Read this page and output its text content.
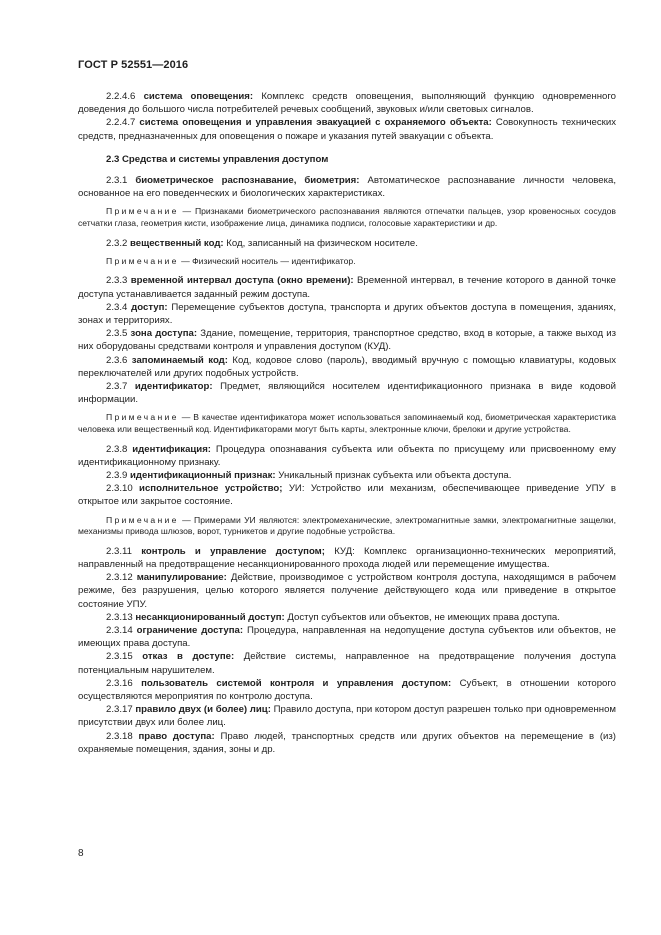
ГОСТ Р 52551—2016
2.2.4.6 система оповещения: Комплекс средств оповещения, выполняющий функцию одновременного доведения до большого числа потребителей речевых сообщений, звуковых и/или световых сигналов.
2.2.4.7 система оповещения и управления эвакуацией с охраняемого объекта: Совокупность технических средств, предназначенных для оповещения о пожаре и указания путей эвакуации с объекта.
2.3 Средства и системы управления доступом
2.3.1 биометрическое распознавание, биометрия: Автоматическое распознавание личности человека, основанное на его поведенческих и биологических характеристиках.
Примечание — Признаками биометрического распознавания являются отпечатки пальцев, узор кровеносных сосудов сетчатки глаза, геометрия кисти, изображение лица, динамика подписи, голосовые характеристики и др.
2.3.2 вещественный код: Код, записанный на физическом носителе.
Примечание — Физический носитель — идентификатор.
2.3.3 временной интервал доступа (окно времени): Временной интервал, в течение которого в данной точке доступа устанавливается заданный режим доступа.
2.3.4 доступ: Перемещение субъектов доступа, транспорта и других объектов доступа в помещения, зданиях, зонах и территориях.
2.3.5 зона доступа: Здание, помещение, территория, транспортное средство, вход в которые, а также выход из них оборудованы средствами контроля и управления доступом (КУД).
2.3.6 запоминаемый код: Код, кодовое слово (пароль), вводимый вручную с помощью клавиатуры, кодовых переключателей или других подобных устройств.
2.3.7 идентификатор: Предмет, являющийся носителем идентификационного признака в виде кодовой информации.
Примечание — В качестве идентификатора может использоваться запоминаемый код, биометрическая характеристика человека или вещественный код. Идентификаторами могут быть карты, электронные ключи, брелоки и другие устройства.
2.3.8 идентификация: Процедура опознавания субъекта или объекта по присущему или присвоенному ему идентификационному признаку.
2.3.9 идентификационный признак: Уникальный признак субъекта или объекта доступа.
2.3.10 исполнительное устройство; УИ: Устройство или механизм, обеспечивающее приведение УПУ в открытое или закрытое состояние.
Примечание — Примерами УИ являются: электромеханические, электромагнитные замки, электромагнитные защелки, механизмы привода шлюзов, ворот, турникетов и другие подобные устройства.
2.3.11 контроль и управление доступом; КУД: Комплекс организационно-технических мероприятий, направленный на предотвращение несанкционированного прохода людей или перемещение имущества.
2.3.12 манипулирование: Действие, производимое с устройством контроля доступа, находящимся в рабочем режиме, без разрушения, целью которого является получение действующего кода или приведение в открытое состояние УПУ.
2.3.13 несанкционированный доступ: Доступ субъектов или объектов, не имеющих права доступа.
2.3.14 ограничение доступа: Процедура, направленная на недопущение доступа субъектов или объектов, не имеющих права доступа.
2.3.15 отказ в доступе: Действие системы, направленное на предотвращение получения доступа потенциальным нарушителем.
2.3.16 пользователь системой контроля и управления доступом: Субъект, в отношении которого осуществляются мероприятия по контролю доступа.
2.3.17 правило двух (и более) лиц: Правило доступа, при котором доступ разрешен только при одновременном присутствии двух или более лиц.
2.3.18 право доступа: Право людей, транспортных средств или других объектов на перемещение в (из) охраняемые помещения, здания, зоны и др.
8
